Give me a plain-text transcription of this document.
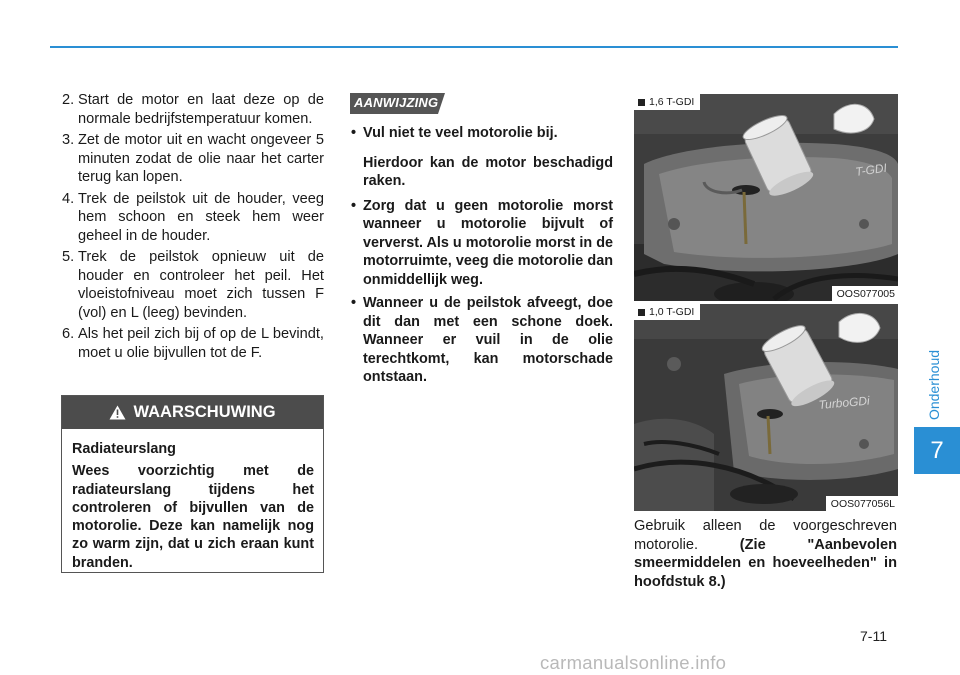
2. Start de motor en laat deze op de normale bedrijfstemperatuur komen.
3. Zet de motor uit en wacht ongeveer 5 minuten zodat de olie naar het carter terug kan lopen.
4. Trek de peilstok uit de houder, veeg hem schoon en steek hem weer geheel in de houder.
5. Trek de peilstok opnieuw uit de houder en controleer het peil. Het vloeistofniveau moet zich tussen F (vol) en L (leeg) bevinden.
6. Als het peil zich bij of op de L bevindt, moet u olie bijvullen tot de F.
WAARSCHUWING
Radiateurslang
Wees voorzichtig met de radiateurslang tijdens het controleren of bijvullen van de motorolie. Deze kan namelijk nog zo warm zijn, dat u zich eraan kunt branden.
AANWIJZING
• Vul niet te veel motorolie bij.
Hierdoor kan de motor beschadigd raken.
• Zorg dat u geen motorolie morst wanneer u motorolie bijvult of ververst. Als u motorolie morst in de motorruimte, veeg die motorolie dan onmiddellijk weg.
• Wanneer u de peilstok afveegt, doe dit dan met een schone doek. Wanneer er vuil in de olie terechtkomt, kan motorschade ontstaan.
T-GDI
1,6 T-GDI
OOS077005
TurboGDi
1,0 T-GDI
OOS077056L
Gebruik alleen de voorgeschreven motorolie. (Zie "Aanbevolen smeermiddelen en hoeveelheden" in hoofdstuk 8.)
Onderhoud
7
7-11
carmanualsonline.info
